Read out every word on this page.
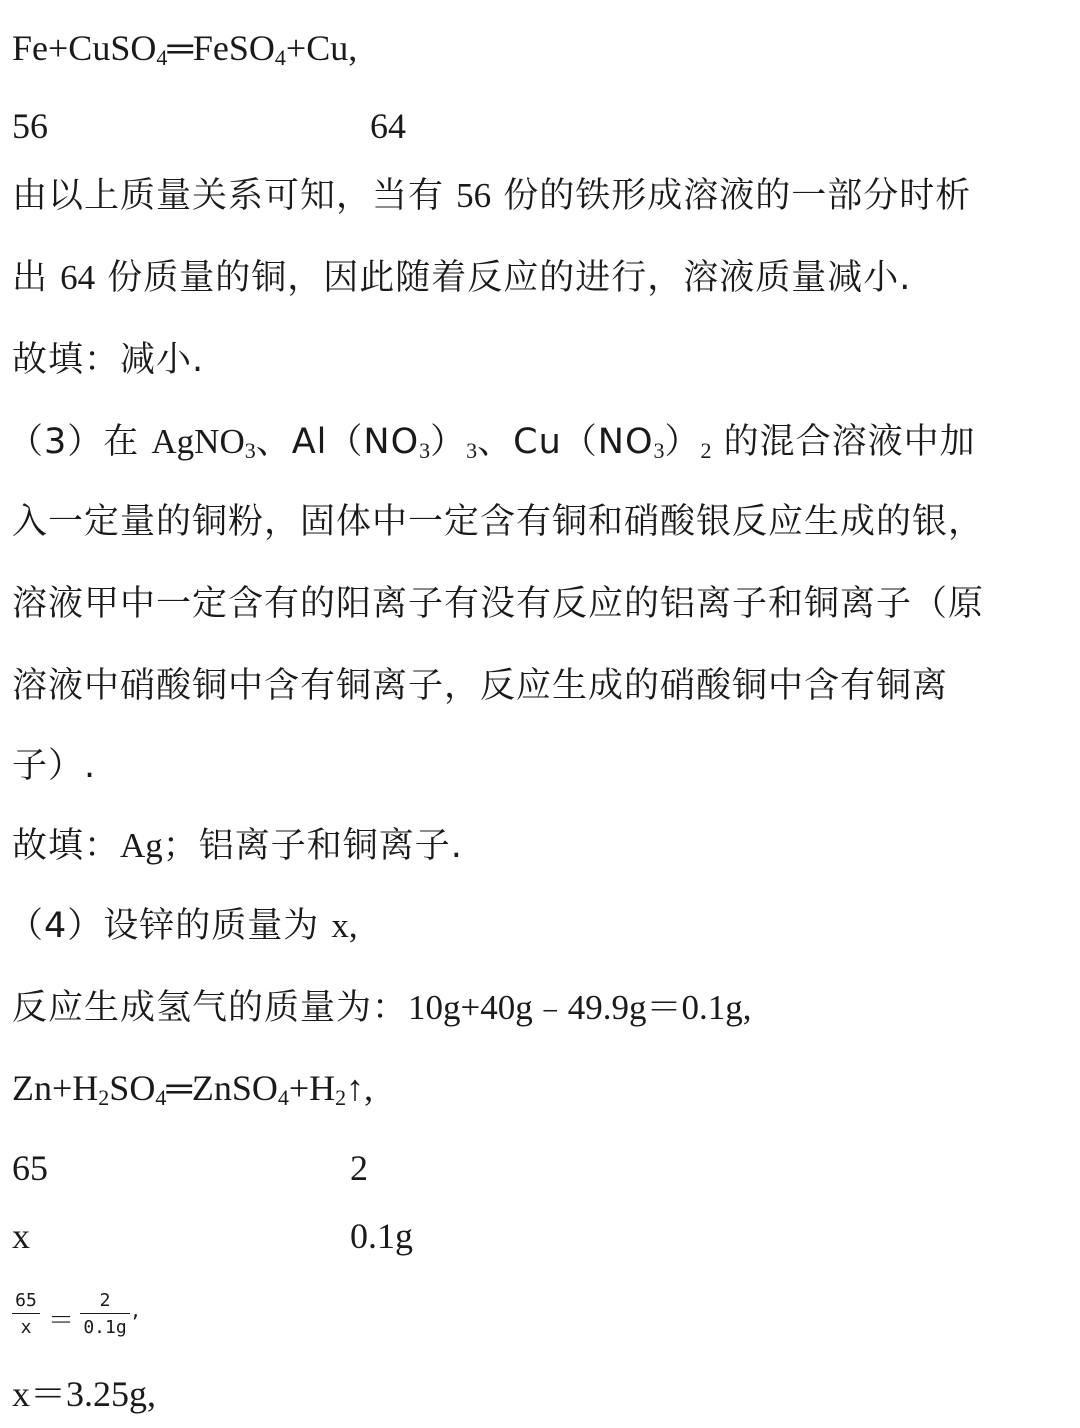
Fe+CuSO$_4$═FeSO$_4$+Cu,
56	64
由以上质量关系可知，当有 56 份的铁形成溶液的一部分时析
出 64 份质量的铜，因此随着反应的进行，溶液质量减小.
故填：减小.
（3）在 AgNO$_3$、$Al(NO_3)_3$、$Cu(NO_3)_2$ 的混合溶液中加
入一定量的铜粉，固体中一定含有铜和硝酸银反应生成的银，
溶液甲中一定含有的阳离子有没有反应的铝离子和铜离子（原
溶液中硝酸铜中含有铜离子，反应生成的硝酸铜中含有铜离
子）.
故填：Ag；铝离子和铜离子.
（4）设锌的质量为 x,
反应生成氢气的质量为：10g+40g﹣49.9g＝0.1g,
$Zn+H_2SO_4═ZnSO_4+H_2↑$,
65	2
x	0.1g
$\frac{65}{x} = \frac{2}{0.1g}$ ,
x＝3.25g,
